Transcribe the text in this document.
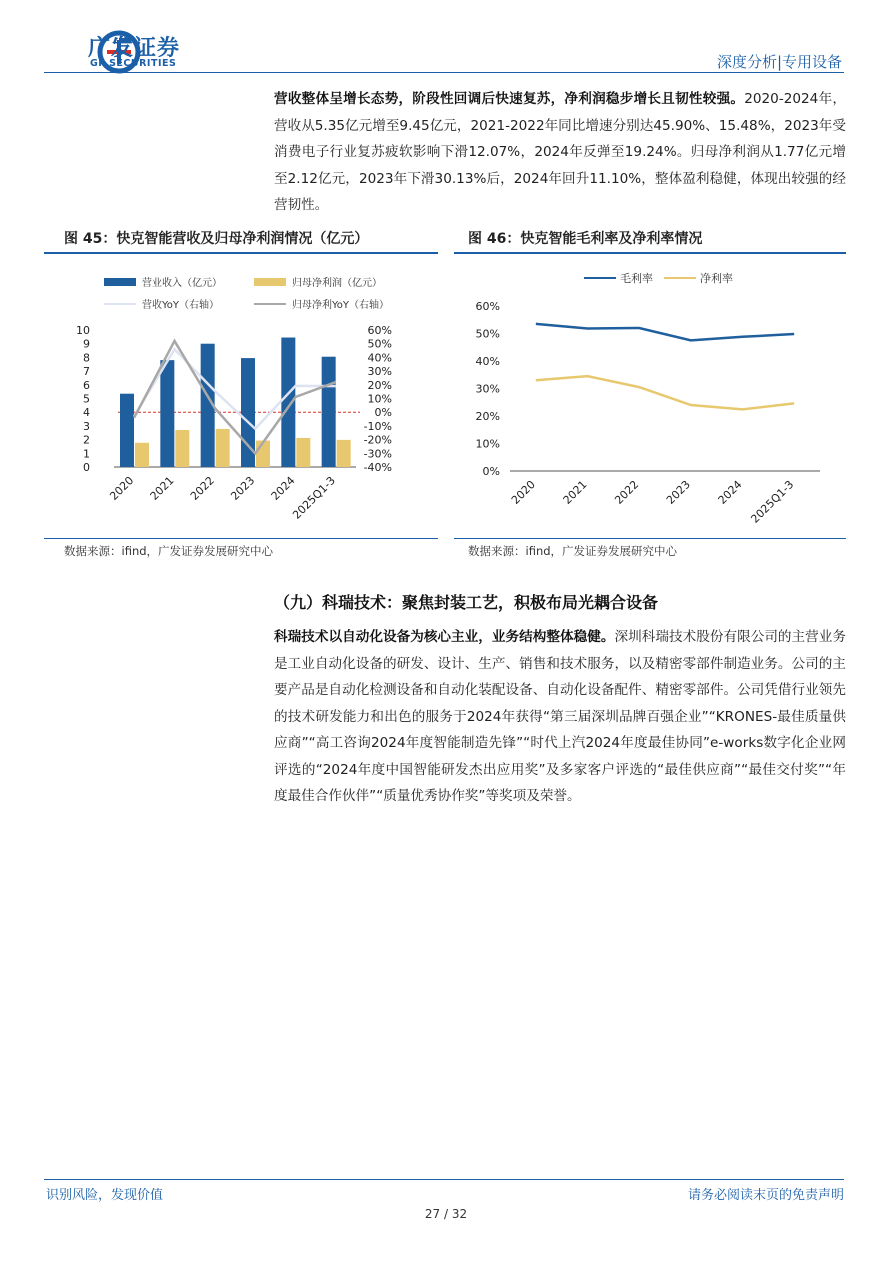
广发证券
GF SECURITIES	深度分析|专用设备
营收整体呈增长态势，阶段性回调后快速复苏，净利润稳步增长且韧性较强。2020-2024年，营收从5.35亿元增至9.45亿元，2021-2022年同比增速分别达45.90%、15.48%，2023年受消费电子行业复苏疲软影响下滑12.07%，2024年反弹至19.24%。归母净利润从1.77亿元增至2.12亿元，2023年下滑30.13%后，2024年回升11.10%，整体盈利稳健，体现出较强的经营韧性。
图 45：快克智能营收及归母净利润情况（亿元）
营业收入（亿元）	归母净利润（亿元）
营收YoY（右轴）	归母净利YoY（右轴）
0
1
2
3
4
5
6
7
8
9
10
-40%
-30%
-20%
-10%
0%
10%
20%
30%
40%
50%
60%
2020 2021 2022 2023 2024
2025Q1-3
数据来源：ifind，广发证券发展研究中心
图 46：快克智能毛利率及净利率情况
毛利率	净利率
0%
10%
20%
30%
40%
50%
60%
2020 2021 2022 2023 2024 2025Q1-3
数据来源：ifind，广发证券发展研究中心
（九）科瑞技术：聚焦封装工艺，积极布局光耦合设备
科瑞技术以自动化设备为核心主业，业务结构整体稳健。深圳科瑞技术股份有限公司的主营业务是工业自动化设备的研发、设计、生产、销售和技术服务，以及精密零部件制造业务。公司的主要产品是自动化检测设备和自动化装配设备、自动化设备配件、精密零部件。公司凭借行业领先的技术研发能力和出色的服务于2024年获得“第三届深圳品牌百强企业”“KRONES-最佳质量供应商”“高工咨询2024年度智能制造先锋”“时代上汽2024年度最佳协同”e-works数字化企业网评选的“2024年度中国智能研发杰出应用奖”及多家客户评选的“最佳供应商”“最佳交付奖”“年度最佳合作伙伴”“质量优秀协作奖”等奖项及荣誉。
识别风险，发现价值	请务必阅读末页的免责声明
27 / 32
